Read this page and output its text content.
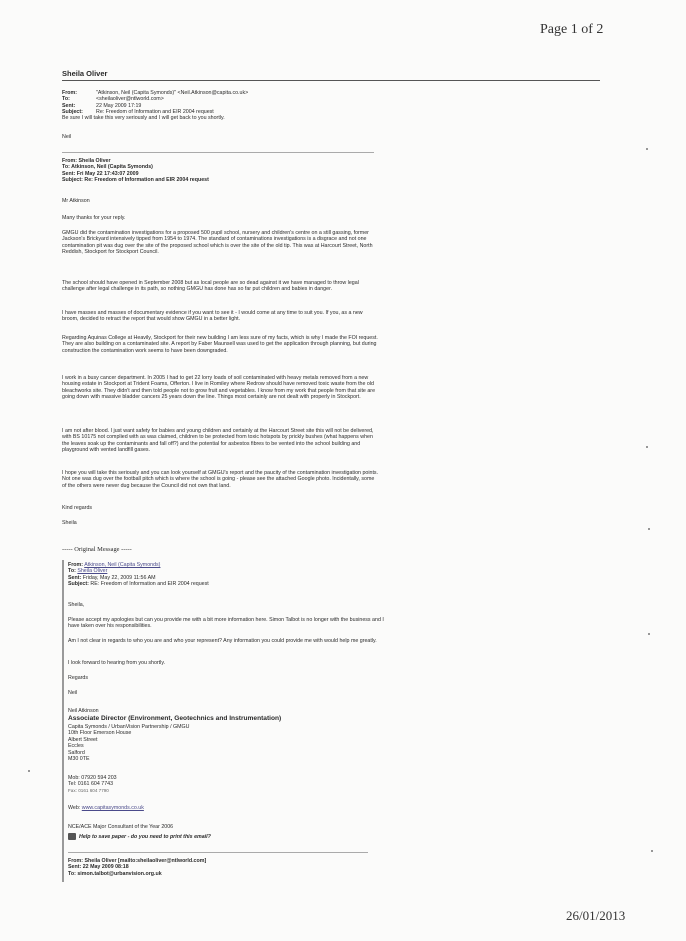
Page 1 of 2
Sheila Oliver
From:	"Atkinson, Neil (Capita Symonds)" <Neil.Atkinson@capita.co.uk>
To:	<sheilaoliver@ntlworld.com>
Sent:	22 May 2009 17:19
Subject: Re: Freedom of Information and EIR 2004 request
Be sure I will take this very seriously and I will get back to you shortly.
Neil
From: Sheila Oliver
To: Atkinson, Neil (Capita Symonds)
Sent: Fri May 22 17:43:07 2009
Subject: Re: Freedom of Information and EIR 2004 request
Mr Atkinson
Many thanks for your reply.
GMGU did the contamination investigations for a proposed 500 pupil school, nursery and children's centre on a still gassing, former Jackson's Brickyard intensively tipped from 1954 to 1974. The standard of contaminations investigations is a disgrace and not one contamination pit was dug over the site of the proposed school which is over the site of the old tip. This was at Harcourt Street, North Reddish, Stockport for Stockport Council.
The school should have opened in September 2008 but as local people are so dead against it we have managed to throw legal challenge after legal challenge in its path, so nothing GMGU has done has so far put children and babies in danger.
I have masses and masses of documentary evidence if you want to see it - I would come at any time to suit you. If you, as a new broom, decided to retract the report that would show GMGU in a better light.
Regarding Aquinas College at Heavily, Stockport for their new building I am less sure of my facts, which is why I made the FOI request. They are also building on a contaminated site. A report by Faber Maunsell was used to get the application through planning, but during construction the contamination work seems to have been downgraded.
I work in a busy cancer department. In 2005 I had to get 22 lorry loads of soil contaminated with heavy metals removed from a new housing estate in Stockport at Trident Foams, Offerton. I live in Romiley where Redrow should have removed toxic waste from the old bleachworks site. They didn't and then told people not to grow fruit and vegetables. I know from my work that people from that site are going down with massive bladder cancers 25 years down the line. Things most certainly are not dealt with properly in Stockport.
I am not after blood. I just want safety for babies and young children and certainly at the Harcourt Street site this will not be delivered, with BS 10175 not complied with as was claimed, children to be protected from toxic hotspots by prickly bushes (what happens when the leaves soak up the contaminants and fall off?) and the potential for asbestos fibres to be vented into the school building and playground with vented landfill gases.
I hope you will take this seriously and you can look yourself at GMGU's report and the paucity of the contamination investigation points. Not one was dug over the football pitch which is where the school is going - please see the attached Google photo. Incidentally, some of the others were never dug because the Council did not own that land.
Kind regards
Sheila
----- Original Message -----
From: Atkinson, Neil (Capita Symonds)
To: Sheila Oliver
Sent: Friday, May 22, 2009 11:56 AM
Subject: RE: Freedom of Information and EIR 2004 request
Sheila,
Please accept my apologies but can you provide me with a bit more information here. Simon Talbot is no longer with the business and I have taken over his responsibilities.
Am I not clear in regards to who you are and who your represent? Any information you could provide me with would help me greatly.
I look forward to hearing from you shortly.
Regards
Neil
Neil Atkinson
Associate Director (Environment, Geotechnics and Instrumentation)
Capita Symonds / UrbanVision Partnership / GMGU
10th Floor Emerson House
Albert Street
Eccles
Salford
M30 0TE
Mob: 07920 594 203
Tel: 0161 604 7743
Fax: 0161 604 7790
Web: www.capitasymonds.co.uk
NCE/ACE Major Consultant of the Year 2006
Help to save paper - do you need to print this email?
From: Sheila Oliver [mailto:sheilaoliver@ntlworld.com]
Sent: 22 May 2009 08:18
To: simon.talbot@urbanvision.org.uk
26/01/2013
